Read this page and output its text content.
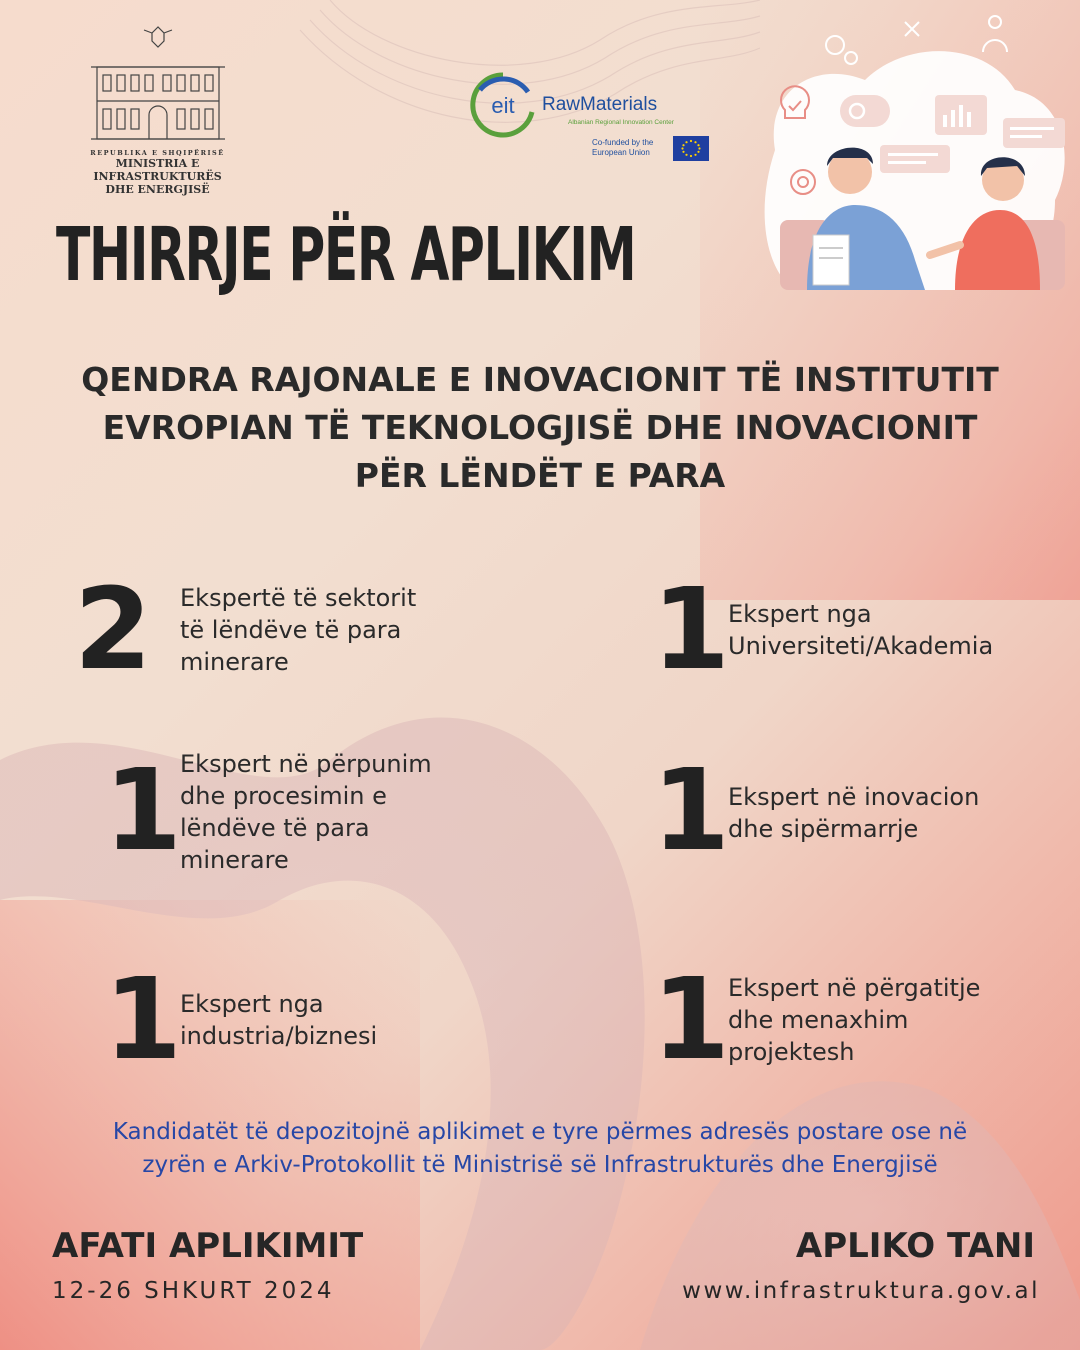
REPUBLIKA E SHQIPËRISË
MINISTRIA E INFRASTRUKTURËS
DHE ENERGJISË
eit RawMaterials
Albanian Regional Innovation Center
Co-funded by the European Union
THIRRJE PËR APLIKIM
QENDRA RAJONALE E INOVACIONIT TË INSTITUTIT EVROPIAN TË TEKNOLOGJISË DHE INOVACIONIT PËR LËNDËT E PARA
2 Ekspertë të sektorit
të lëndëve të para
minerare	1
Ekspert nga
Universiteti/Akademia
1
Ekspert në përpunim
dhe procesimin e
lëndëve të para
minerare	1
Ekspert në inovacion
dhe sipërmarrje
1
Ekspert nga
industria/biznesi 1
Ekspert në përgatitje
dhe menaxhim
projektesh
Kandidatët të depozitojnë aplikimet e tyre përmes adresës postare ose në
zyrën e Arkiv-Protokollit të Ministrisë së Infrastrukturës dhe Energjisë
AFATI APLIKIMIT
12-26 SHKURT 2024
APLIKO TANI
www.infrastruktura.gov.al
